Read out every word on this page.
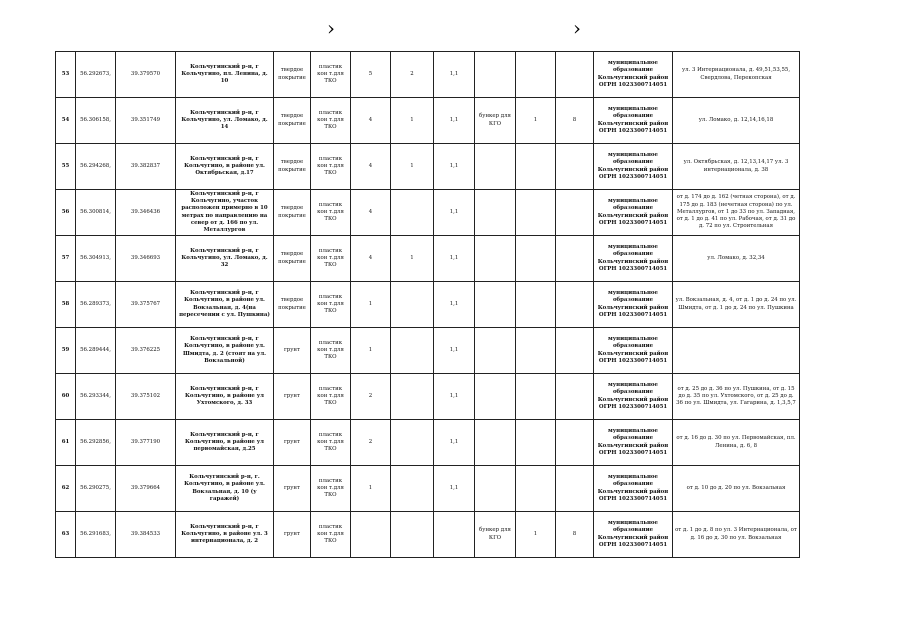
›	›
53	56.292673,	39.379570	Кольчугинский р-н, г Кольчугино, пл. Ленина, д. 10	твердое покрытие	пластик кон т.для ТКО	5	2	1,1				муниципальное образование Кольчугинский район ОГРН 1023300714051	ул. 3 Интернационала, д. 49,51,53,55, Свердлова, Перекопская
54	56.306158,	39.351749	Кольчугинский р-н, г Кольчугино, ул. Ломако, д. 14	твердое покрытие	пластик кон т.для ТКО	4	1	1,1	бункер для КГО	1	8	муниципальное образование Кольчугинский район ОГРН 1023300714051	ул. Ломако, д. 12,14,16,18
55	56.294268,	39.382837	Кольчугинский р-н, г Кольчугино, в районе ул. Октябрьская, д.17	твердое покрытие	пластик кон т.для ТКО	4	1	1,1				муниципальное образование Кольчугинский район ОГРН 1023300714051	ул. Октябрьская, д. 12,13,14,17 ул. 3 интернационала, д. 38
56	56.300814,	39.346436	Кольчугинский р-н, г Кольчугино, участок расположен примерно в 10 метрах по направлению на север от д. 166 по ул. Металлургов	твердое покрытие	пластик кон т.для ТКО	4		1,1				муниципальное образование Кольчугинский район ОГРН 1023300714051	от д. 174 до д. 162 (четная сторона), от д. 175 до д. 183 (нечетная сторона) по ул. Металлургов, от 1 до 33 по ул. Западная, от д. 1 до д. 41 по ул. Рабочая, от д. 31 до д. 72 по ул. Строительная
57	56.304913,	39.346693	Кольчугинский р-н, г Кольчугино, ул. Ломако, д. 32	твердое покрытие	пластик кон т.для ТКО	4	1	1,1				муниципальное образование Кольчугинский район ОГРН 1023300714051	ул. Ломако, д. 32,34
58	56.289373,	39.375767	Кольчугинский р-н, г Кольчугино, в районе ул. Вокзальная, д. 4(на пересечении с ул. Пушкина)	твердое покрытие	пластик кон т.для ТКО	1		1,1				муниципальное образование Кольчугинский район ОГРН 1023300714051	ул. Вокзальная, д. 4, от д. 1 до д. 24 по ул. Шмидта, от д. 1 до д. 24 по ул. Пушкина
59	56.289444,	39.376225	Кольчугинский р-н, г Кольчугино, в районе ул. Шмидта, д. 2 (стоят на ул. Вокзальной)	грунт	пластик кон т.для ТКО	1		1,1				муниципальное образование Кольчугинский район ОГРН 1023300714051	
60	56.293344,	39.375102	Кольчугинский р-н, г Кольчугино, в районе ул Ухтомского, д. 33	грунт	пластик кон т.для ТКО	2		1,1				муниципальное образование Кольчугинский район ОГРН 1023300714051	от д. 25 до д. 36 по ул. Пушкина, от д. 15 до д. 35 по ул. Ухтомского, от д. 25 до д. 36 по ул. Шмидта, ул. Гагарина, д. 1,3,5,7
61	56.292856,	39.377190	Кольчугинский р-н, г Кольчугино, в районе ул первомайская, д.25	грунт	пластик кон т.для ТКО	2		1,1				муниципальное образование Кольчугинский район ОГРН 1023300714051	от д. 16 до д. 30 по ул. Первомайская, пл. Ленина, д. 6, 8
62	56.290275,	39.379664	Кольчугинский р-н, г. Кольчугино, в районе ул. Вокзальная, д. 10 (у гаражей)	грунт	пластик кон т.для ТКО	1		1,1				муниципальное образование Кольчугинский район ОГРН 1023300714051	от д. 10 до д. 20 по ул. Вокзальная
63	56.291683,	39.384533	Кольчугинский р-н, г Кольчугино, в районе ул. 3 интернационала, д. 2	грунт	пластик кон т.для ТКО				бункер для КГО	1	8	муниципальное образование Кольчугинский район ОГРН 1023300714051	от д. 1 до д. 8 по ул. 3 Интернационала, от д. 16 до д. 30 по ул. Вокзальная
